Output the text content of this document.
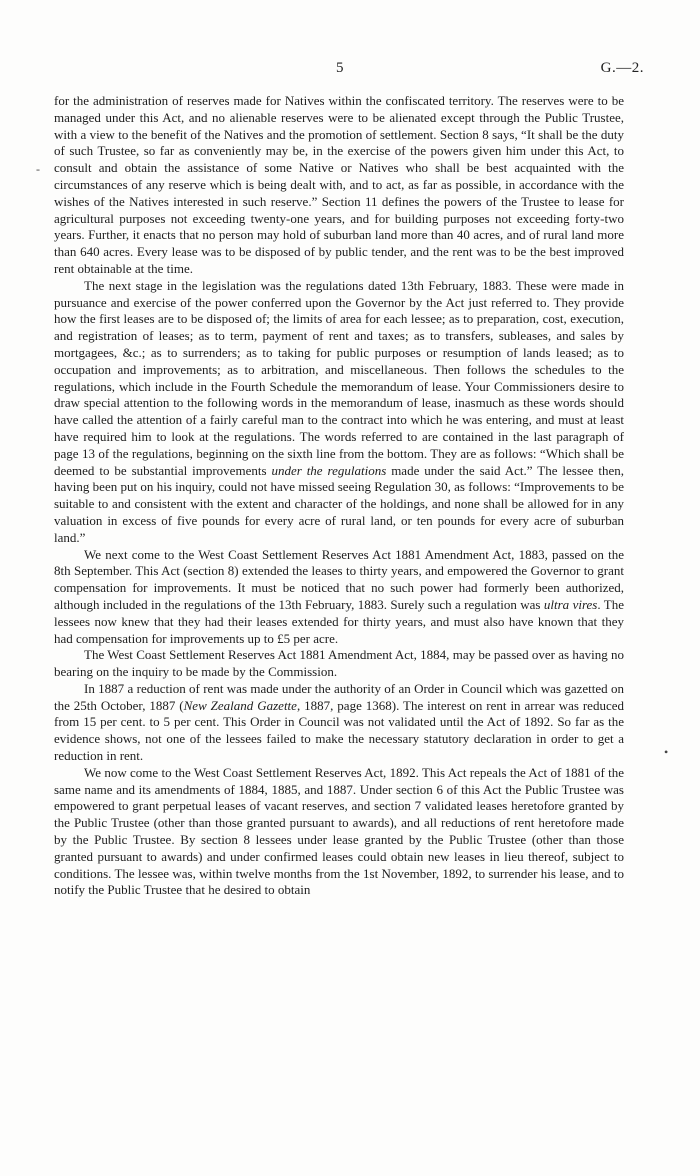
5	G.—2.
-
•

for the administration of reserves made for Natives within the confiscated territory. The reserves were to be managed under this Act, and no alienable reserves were to be alienated except through the Public Trustee, with a view to the benefit of the Natives and the promotion of settlement. Section 8 says, “It shall be the duty of such Trustee, so far as conveniently may be, in the exercise of the powers given him under this Act, to consult and obtain the assistance of some Native or Natives who shall be best acquainted with the circumstances of any reserve which is being dealt with, and to act, as far as possible, in accordance with the wishes of the Natives interested in such reserve.” Section 11 defines the powers of the Trustee to lease for agricultural purposes not exceeding twenty-one years, and for building purposes not exceeding forty-two years. Further, it enacts that no person may hold of suburban land more than 40 acres, and of rural land more than 640 acres. Every lease was to be disposed of by public tender, and the rent was to be the best improved rent obtainable at the time.

The next stage in the legislation was the regulations dated 13th February, 1883. These were made in pursuance and exercise of the power conferred upon the Governor by the Act just referred to. They provide how the first leases are to be disposed of; the limits of area for each lessee; as to preparation, cost, execution, and registration of leases; as to term, payment of rent and taxes; as to transfers, subleases, and sales by mortgagees, &c.; as to surrenders; as to taking for public purposes or resumption of lands leased; as to occupation and improvements; as to arbitration, and miscellaneous. Then follows the schedules to the regulations, which include in the Fourth Schedule the memorandum of lease. Your Commissioners desire to draw special attention to the following words in the memorandum of lease, inasmuch as these words should have called the attention of a fairly careful man to the contract into which he was entering, and must at least have required him to look at the regulations. The words referred to are contained in the last paragraph of page 13 of the regulations, beginning on the sixth line from the bottom. They are as follows: “Which shall be deemed to be substantial improvements under the regulations made under the said Act.” The lessee then, having been put on his inquiry, could not have missed seeing Regulation 30, as follows: “Improvements to be suitable to and consistent with the extent and character of the holdings, and none shall be allowed for in any valuation in excess of five pounds for every acre of rural land, or ten pounds for every acre of suburban land.”

We next come to the West Coast Settlement Reserves Act 1881 Amendment Act, 1883, passed on the 8th September. This Act (section 8) extended the leases to thirty years, and empowered the Governor to grant compensation for improvements. It must be noticed that no such power had formerly been authorized, although included in the regulations of the 13th February, 1883. Surely such a regulation was ultra vires. The lessees now knew that they had their leases extended for thirty years, and must also have known that they had compensation for improvements up to £5 per acre.

The West Coast Settlement Reserves Act 1881 Amendment Act, 1884, may be passed over as having no bearing on the inquiry to be made by the Commission.

In 1887 a reduction of rent was made under the authority of an Order in Council which was gazetted on the 25th October, 1887 (New Zealand Gazette, 1887, page 1368). The interest on rent in arrear was reduced from 15 per cent. to 5 per cent. This Order in Council was not validated until the Act of 1892. So far as the evidence shows, not one of the lessees failed to make the necessary statutory declaration in order to get a reduction in rent.

We now come to the West Coast Settlement Reserves Act, 1892. This Act repeals the Act of 1881 of the same name and its amendments of 1884, 1885, and 1887. Under section 6 of this Act the Public Trustee was empowered to grant perpetual leases of vacant reserves, and section 7 validated leases heretofore granted by the Public Trustee (other than those granted pursuant to awards), and all reductions of rent heretofore made by the Public Trustee. By section 8 lessees under lease granted by the Public Trustee (other than those granted pursuant to awards) and under confirmed leases could obtain new leases in lieu thereof, subject to conditions. The lessee was, within twelve months from the 1st November, 1892, to surrender his lease, and to notify the Public Trustee that he desired to obtain
